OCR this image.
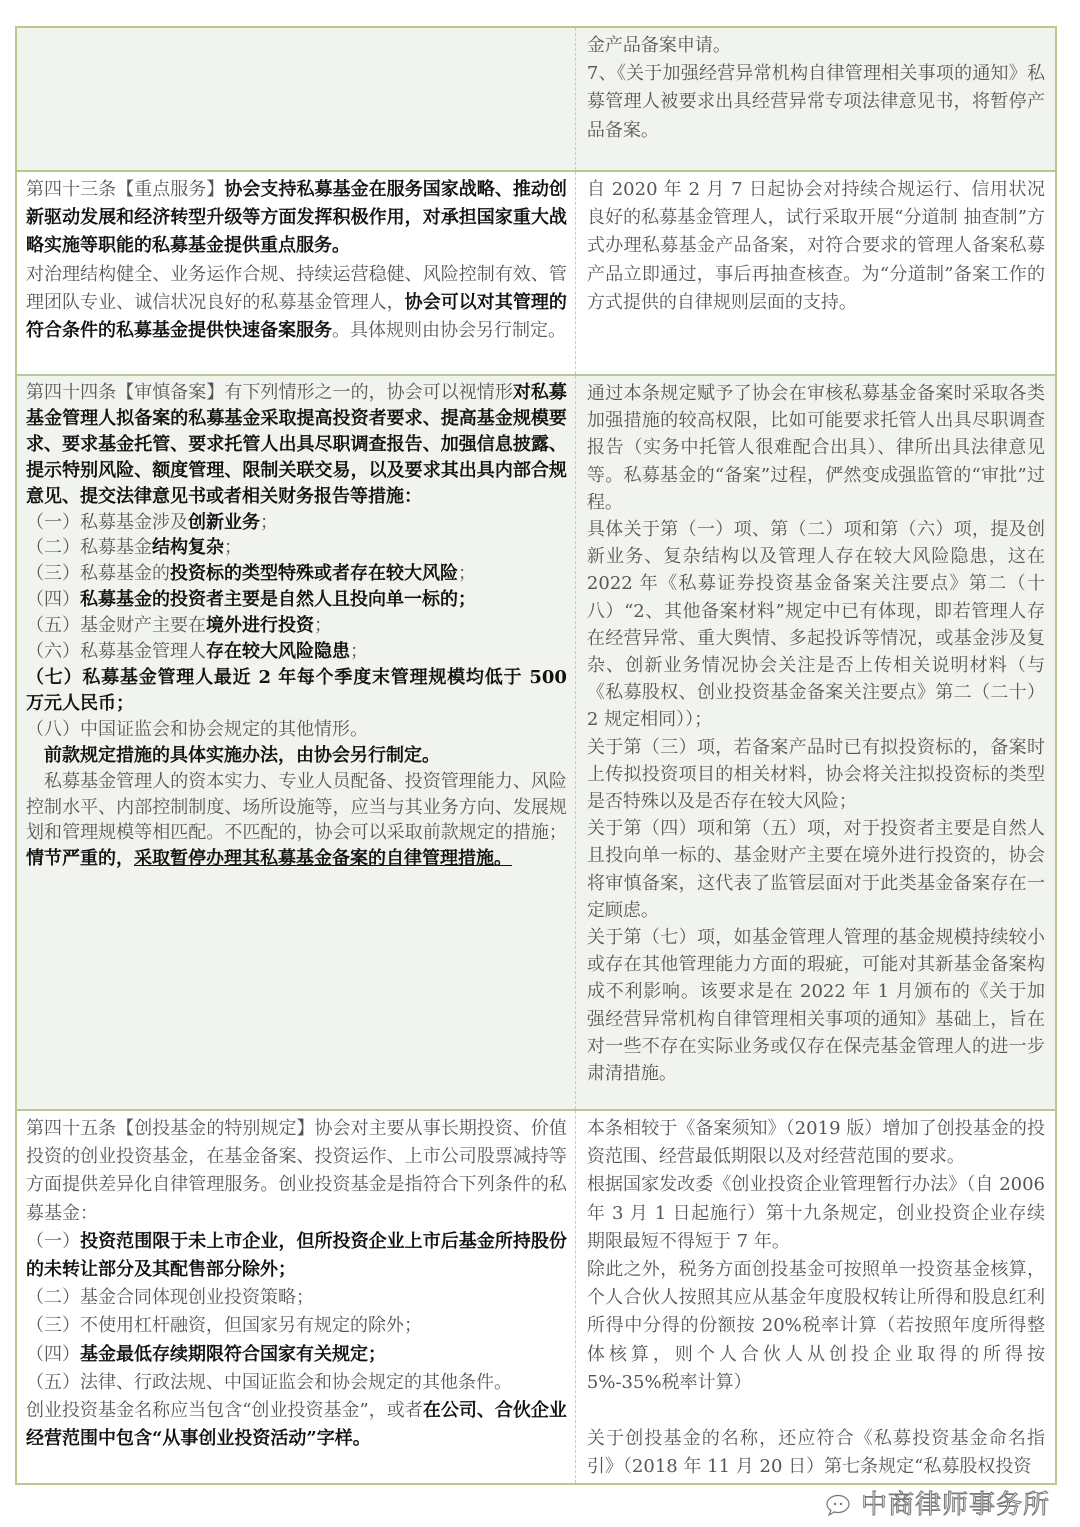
金产品备案申请。

7、《关于加强经营异常机构自律管理相关事项的通知》私募管理人被要求出具经营异常专项法律意见书，将暂停产品备案。

第四十三条【重点服务】协会支持私募基金在服务国家战略、推动创新驱动发展和经济转型升级等方面发挥积极作用，对承担国家重大战略实施等职能的私募基金提供重点服务。

对治理结构健全、业务运作合规、持续运营稳健、风险控制有效、管理团队专业、诚信状况良好的私募基金管理人，协会可以对其管理的符合条件的私募基金提供快速备案服务。具体规则由协会另行制定。

自 2020 年 2 月 7 日起协会对持续合规运行、信用状况良好的私募基金管理人，试行采取开展“分道制 抽查制”方式办理私募基金产品备案，对符合要求的管理人备案私募产品立即通过，事后再抽查核查。为“分道制”备案工作的方式提供的自律规则层面的支持。

第四十四条【审慎备案】有下列情形之一的，协会可以视情形对私募基金管理人拟备案的私募基金采取提高投资者要求、提高基金规模要求、要求基金托管、要求托管人出具尽职调查报告、加强信息披露、提示特别风险、额度管理、限制关联交易，以及要求其出具内部合规意见、提交法律意见书或者相关财务报告等措施：

（一）私募基金涉及创新业务；

（二）私募基金结构复杂；

（三）私募基金的投资标的类型特殊或者存在较大风险；

（四）私募基金的投资者主要是自然人且投向单一标的；

（五）基金财产主要在境外进行投资；

（六）私募基金管理人存在较大风险隐患；

（七）私募基金管理人最近 2 年每个季度末管理规模均低于 500 万元人民币；

（八）中国证监会和协会规定的其他情形。

　前款规定措施的具体实施办法，由协会另行制定。

　私募基金管理人的资本实力、专业人员配备、投资管理能力、风险控制水平、内部控制制度、场所设施等，应当与其业务方向、发展规划和管理规模等相匹配。不匹配的，协会可以采取前款规定的措施；情节严重的，采取暂停办理其私募基金备案的自律管理措施。

通过本条规定赋予了协会在审核私募基金备案时采取各类加强措施的较高权限，比如可能要求托管人出具尽职调查报告（实务中托管人很难配合出具）、律所出具法律意见等。私募基金的“备案”过程，俨然变成强监管的“审批”过程。

具体关于第（一）项、第（二）项和第（六）项，提及创新业务、复杂结构以及管理人存在较大风险隐患，这在 2022 年《私募证券投资基金备案关注要点》第二（十八）“2、其他备案材料”规定中已有体现，即若管理人存在经营异常、重大舆情、多起投诉等情况，或基金涉及复杂、创新业务情况协会关注是否上传相关说明材料（与《私募股权、创业投资基金备案关注要点》第二（二十）2 规定相同））；

关于第（三）项，若备案产品时已有拟投资标的，备案时上传拟投资项目的相关材料，协会将关注拟投资标的类型是否特殊以及是否存在较大风险；

关于第（四）项和第（五）项，对于投资者主要是自然人且投向单一标的、基金财产主要在境外进行投资的，协会将审慎备案，这代表了监管层面对于此类基金备案存在一定顾虑。

关于第（七）项，如基金管理人管理的基金规模持续较小或存在其他管理能力方面的瑕疵，可能对其新基金备案构成不利影响。该要求是在 2022 年 1 月颁布的《关于加强经营异常机构自律管理相关事项的通知》基础上，旨在对一些不存在实际业务或仅存在保壳基金管理人的进一步肃清措施。

第四十五条【创投基金的特别规定】协会对主要从事长期投资、价值投资的创业投资基金，在基金备案、投资运作、上市公司股票减持等方面提供差异化自律管理服务。创业投资基金是指符合下列条件的私募基金：

（一）投资范围限于未上市企业，但所投资企业上市后基金所持股份的未转让部分及其配售部分除外；

（二）基金合同体现创业投资策略；

（三）不使用杠杆融资，但国家另有规定的除外；

（四）基金最低存续期限符合国家有关规定；

（五）法律、行政法规、中国证监会和协会规定的其他条件。

创业投资基金名称应当包含“创业投资基金”，或者在公司、合伙企业经营范围中包含“从事创业投资活动”字样。

本条相较于《备案须知》（2019 版）增加了创投基金的投资范围、经营最低期限以及对经营范围的要求。

根据国家发改委《创业投资企业管理暂行办法》（自 2006 年 3 月 1 日起施行）第十九条规定，创业投资企业存续期限最短不得短于 7 年。

除此之外，税务方面创投基金可按照单一投资基金核算，个人合伙人按照其应从基金年度股权转让所得和股息红利所得中分得的份额按 20%税率计算（若按照年度所得整体核算，则个人合伙人从创投企业取得的所得按 5%-35%税率计算）

关于创投基金的名称，还应符合《私募投资基金命名指引》（2018 年 11 月 20 日）第七条规定“私募股权投资

中商律师事务所
